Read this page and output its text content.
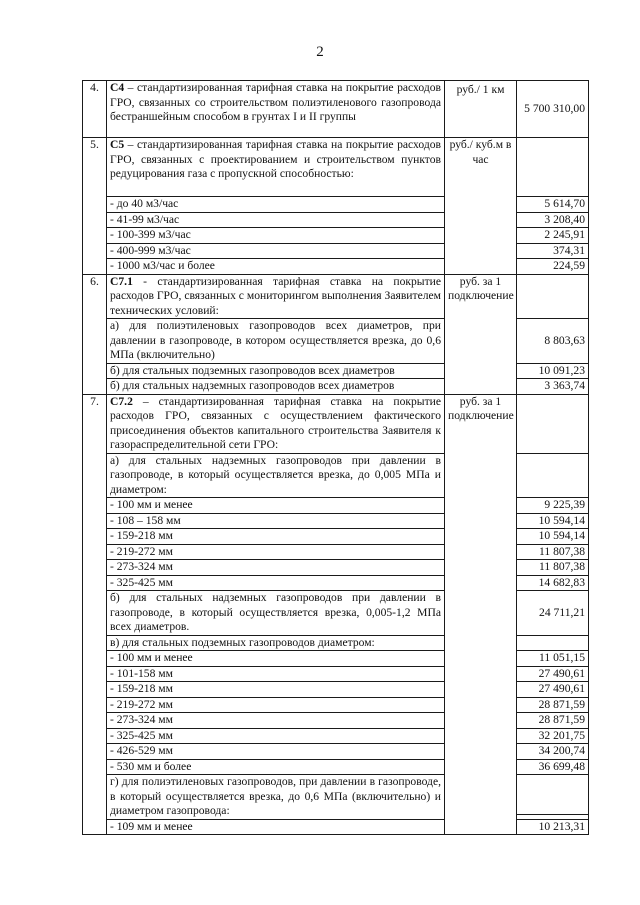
2
4.	С4 – стандартизированная тарифная ставка на покрытие расходов ГРО, связанных со строительством полиэтиленового газопровода бестраншейным способом в грунтах I и II группы	руб./ 1 км	5 700 310,00
5.	С5 – стандартизированная тарифная ставка на покрытие расходов ГРО, связанных с проектированием и строительством пунктов редуцирования газа с пропускной способностью:	руб./ куб.м в час	
	- до 40 м3/час		5 614,70
	- 41-99 м3/час		3 208,40
	- 100-399 м3/час		2 245,91
	- 400-999 м3/час		374,31
	- 1000 м3/час и более		224,59
6.	С7.1 - стандартизированная тарифная ставка на покрытие расходов ГРО, связанных с мониторингом выполнения Заявителем технических условий:	руб. за 1 подключение	
	а) для полиэтиленовых газопроводов всех диаметров, при давлении в газопроводе, в котором осуществляется врезка, до 0,6 МПа (включительно)		8 803,63
	б) для стальных подземных газопроводов всех диаметров		10 091,23
	б) для стальных надземных газопроводов всех диаметров		3 363,74
7.	С7.2 – стандартизированная тарифная ставка на покрытие расходов ГРО, связанных с осуществлением фактического присоединения объектов капитального строительства Заявителя к газораспределительной сети ГРО:	руб. за 1 подключение	
	а) для стальных надземных газопроводов при давлении в газопроводе, в который осуществляется врезка, до 0,005 МПа и диаметром:		
	- 100 мм и менее		9 225,39
	- 108 – 158 мм		10 594,14
	- 159-218 мм		10 594,14
	- 219-272 мм		11 807,38
	- 273-324 мм		11 807,38
	- 325-425 мм		14 682,83
	б) для стальных надземных газопроводов при давлении в газопроводе, в который осуществляется врезка, 0,005-1,2 МПа всех диаметров.		24 711,21
	в) для стальных подземных газопроводов диаметром:		
	- 100 мм и менее		11 051,15
	- 101-158 мм		27 490,61
	- 159-218 мм		27 490,61
	- 219-272 мм		28 871,59
	- 273-324 мм		28 871,59
	- 325-425 мм		32 201,75
	- 426-529 мм		34 200,74
	- 530 мм и более		36 699,48
	г) для полиэтиленовых газопроводов, при давлении в газопроводе, в который осуществляется врезка, до 0,6 МПа (включительно) и диаметром газопровода:		

	- 109 мм и менее		10 213,31
